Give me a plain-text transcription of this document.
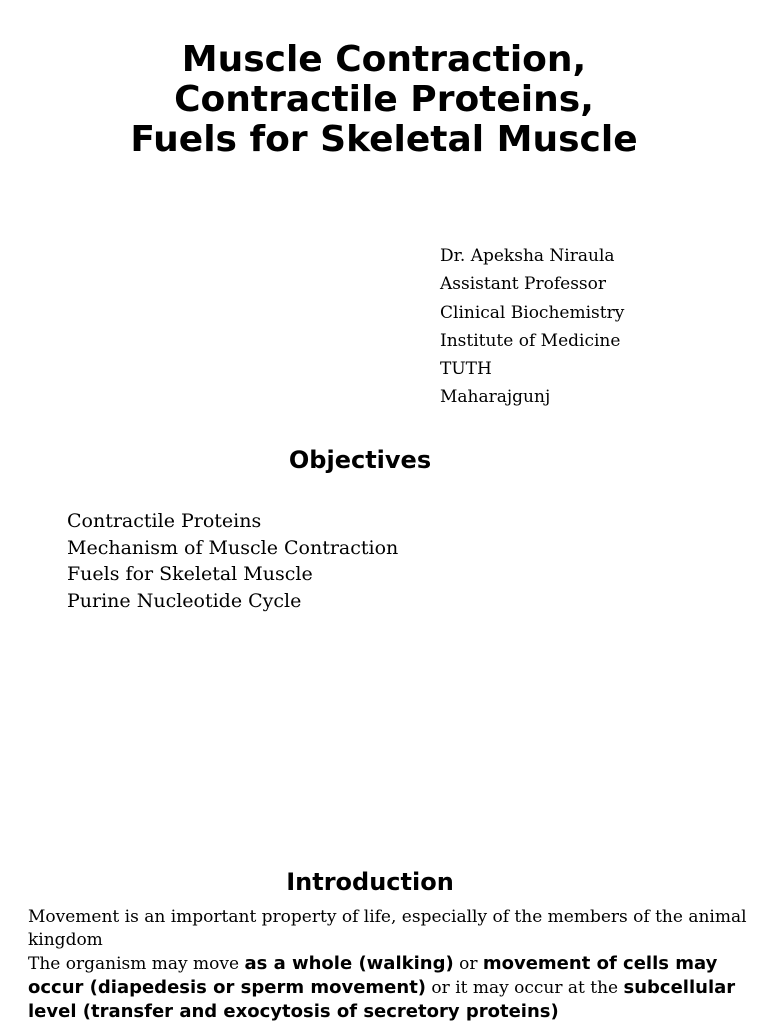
Muscle Contraction,
Contractile Proteins,
Fuels for Skeletal Muscle
Dr. Apeksha Niraula
Assistant Professor
Clinical Biochemistry
Institute of Medicine
TUTH
Maharajgunj
Objectives
Contractile Proteins
Mechanism of Muscle Contraction
Fuels for Skeletal Muscle
Purine Nucleotide Cycle
Introduction

Movement is an important property of life, especially of the members of the animal kingdom

The organism may move as a whole (walking) or movement of cells may occur (diapedesis or sperm movement) or it may occur at the subcellular level (transfer and exocytosis of secretory proteins)
